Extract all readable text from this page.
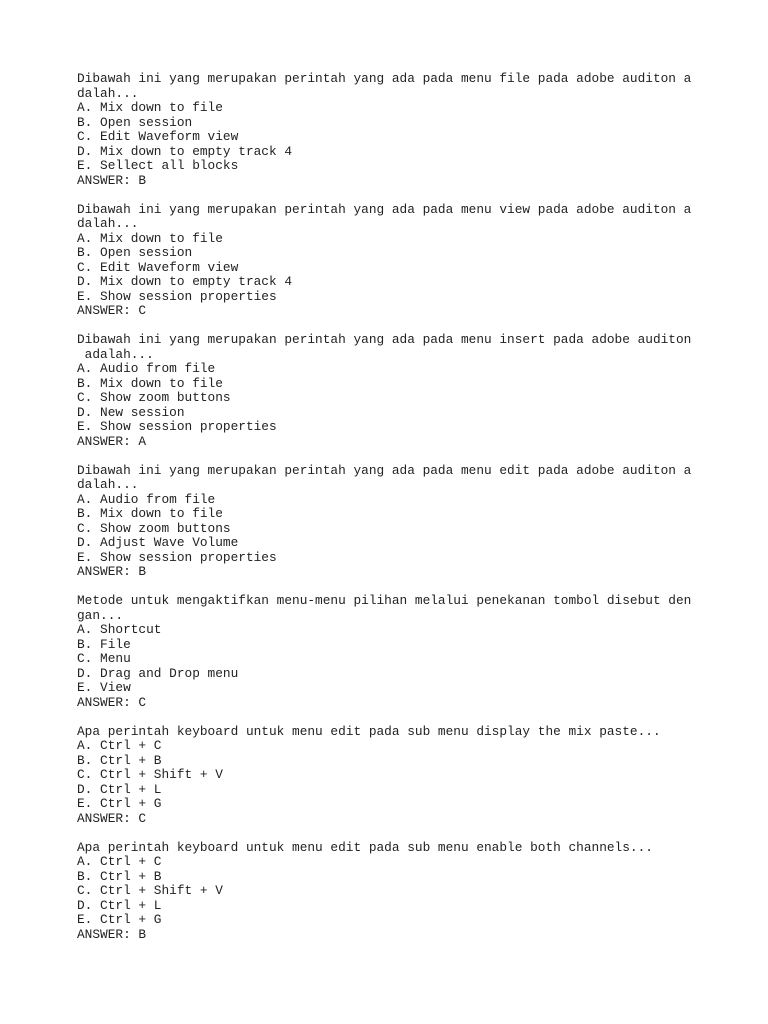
Dibawah ini yang merupakan perintah yang ada pada menu file pada adobe auditon a
dalah...
A. Mix down to file
B. Open session
C. Edit Waveform view
D. Mix down to empty track 4
E. Sellect all blocks
ANSWER: B
Dibawah ini yang merupakan perintah yang ada pada menu view pada adobe auditon a
dalah...
A. Mix down to file
B. Open session
C. Edit Waveform view
D. Mix down to empty track 4
E. Show session properties
ANSWER: C
Dibawah ini yang merupakan perintah yang ada pada menu insert pada adobe auditon
adalah...
A. Audio from file
B. Mix down to file
C. Show zoom buttons
D. New session
E. Show session properties
ANSWER: A
Dibawah ini yang merupakan perintah yang ada pada menu edit pada adobe auditon a
dalah...
A. Audio from file
B. Mix down to file
C. Show zoom buttons
D. Adjust Wave Volume
E. Show session properties
ANSWER: B
Metode untuk mengaktifkan menu-menu pilihan melalui penekanan tombol disebut den
gan...
A. Shortcut
B. File
C. Menu
D. Drag and Drop menu
E. View
ANSWER: C
Apa perintah keyboard untuk menu edit pada sub menu display the mix paste...
A. Ctrl + C
B. Ctrl + B
C. Ctrl + Shift + V
D. Ctrl + L
E. Ctrl + G
ANSWER: C
Apa perintah keyboard untuk menu edit pada sub menu enable both channels...
A. Ctrl + C
B. Ctrl + B
C. Ctrl + Shift + V
D. Ctrl + L
E. Ctrl + G
ANSWER: B
